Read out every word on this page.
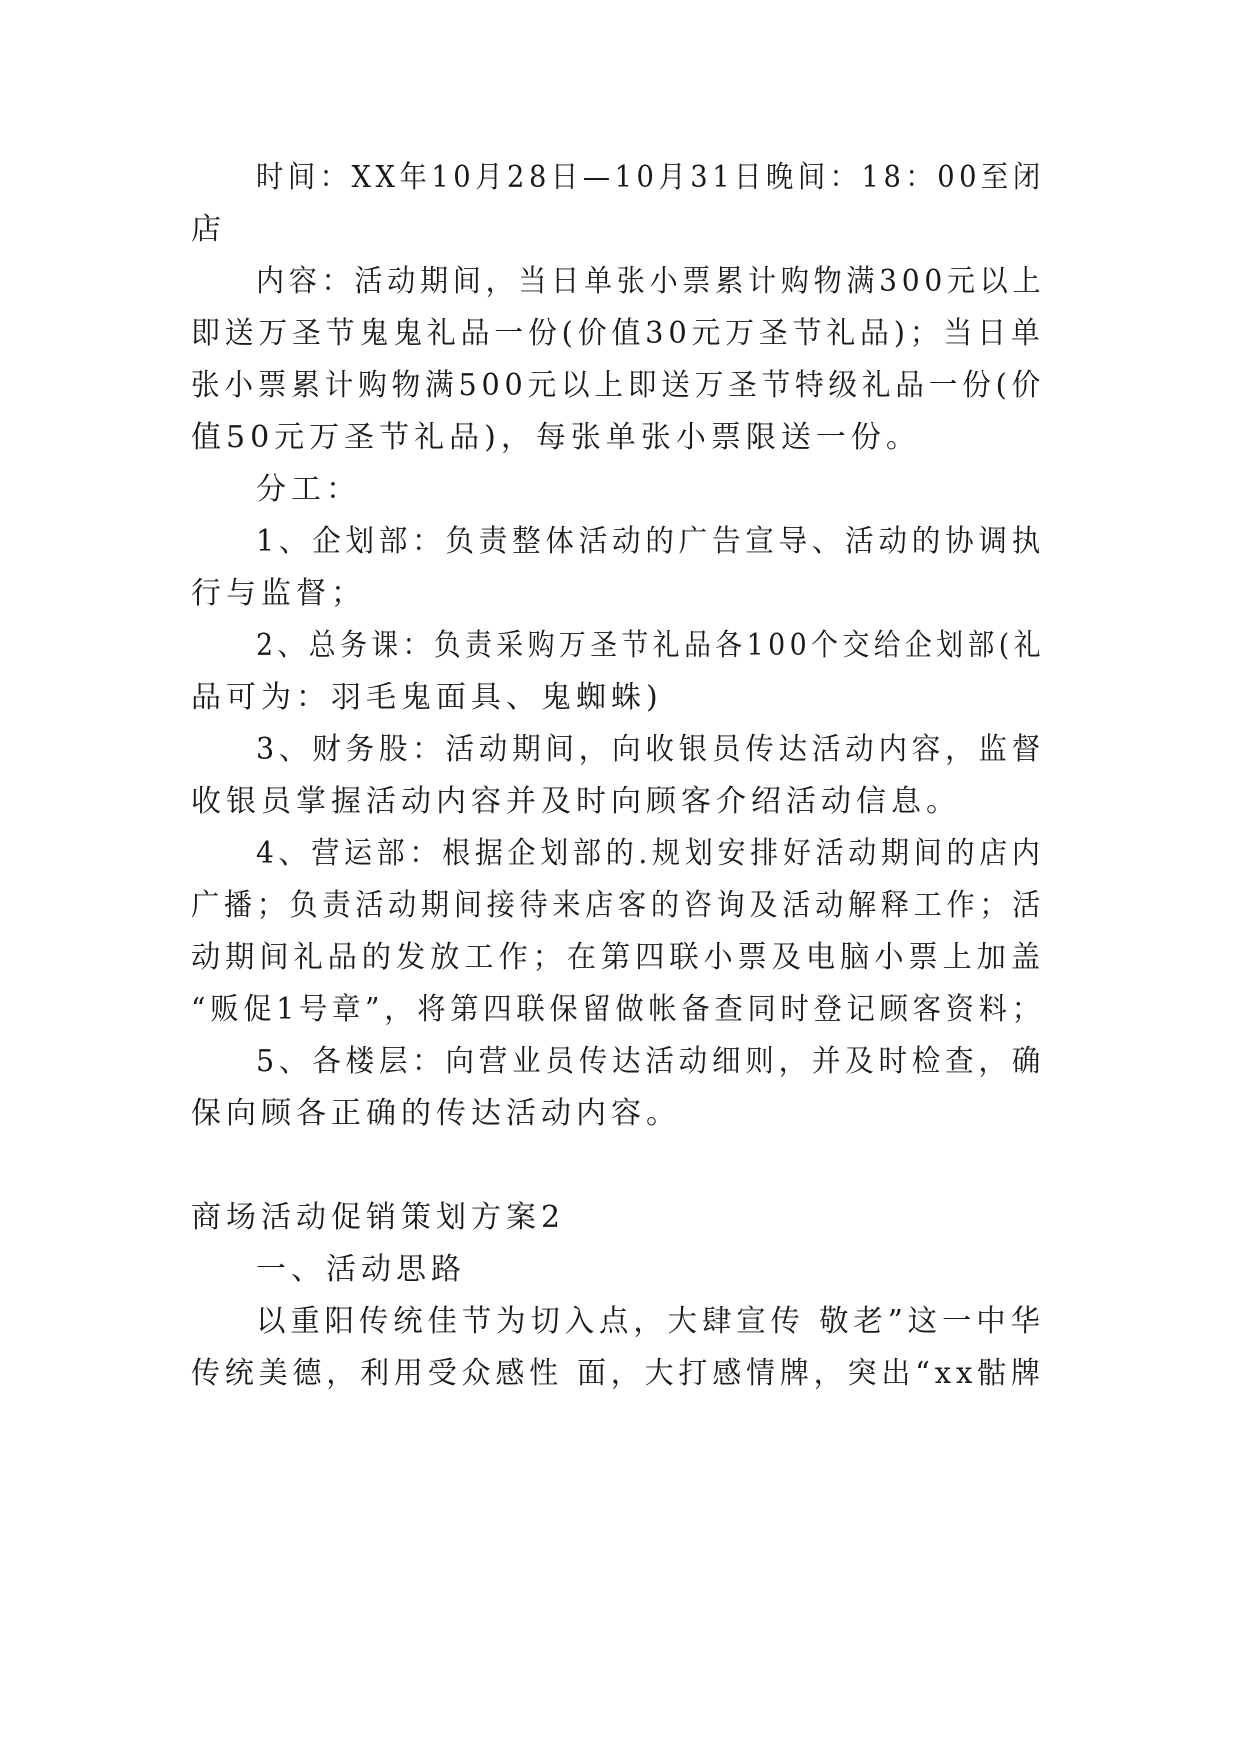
时间：XX年10月28日—10月31日晚间：18：00至闭
店
内容：活动期间，当日单张小票累计购物满300元以上
即送万圣节鬼鬼礼品一份(价值30元万圣节礼品)；当日单
张小票累计购物满500元以上即送万圣节特级礼品一份(价
值50元万圣节礼品)，每张单张小票限送一份。
分工：
1、企划部：负责整体活动的广告宣导、活动的协调执
行与监督；
2、总务课：负责采购万圣节礼品各100个交给企划部(礼
品可为：羽毛鬼面具、鬼蜘蛛)
3、财务股：活动期间，向收银员传达活动内容，监督
收银员掌握活动内容并及时向顾客介绍活动信息。
4、营运部：根据企划部的.规划安排好活动期间的店内
广播；负责活动期间接待来店客的咨询及活动解释工作；活
动期间礼品的发放工作；在第四联小票及电脑小票上加盖
“贩促1号章”，将第四联保留做帐备查同时登记顾客资料；
5、各楼层：向营业员传达活动细则，并及时检查，确
保向顾各正确的传达活动内容。
商场活动促销策划方案2
一、活动思路
以重阳传统佳节为切入点，大肆宣传 敬老”这一中华
传统美德，利用受众感性 面，大打感情牌，突出“xx骷牌
